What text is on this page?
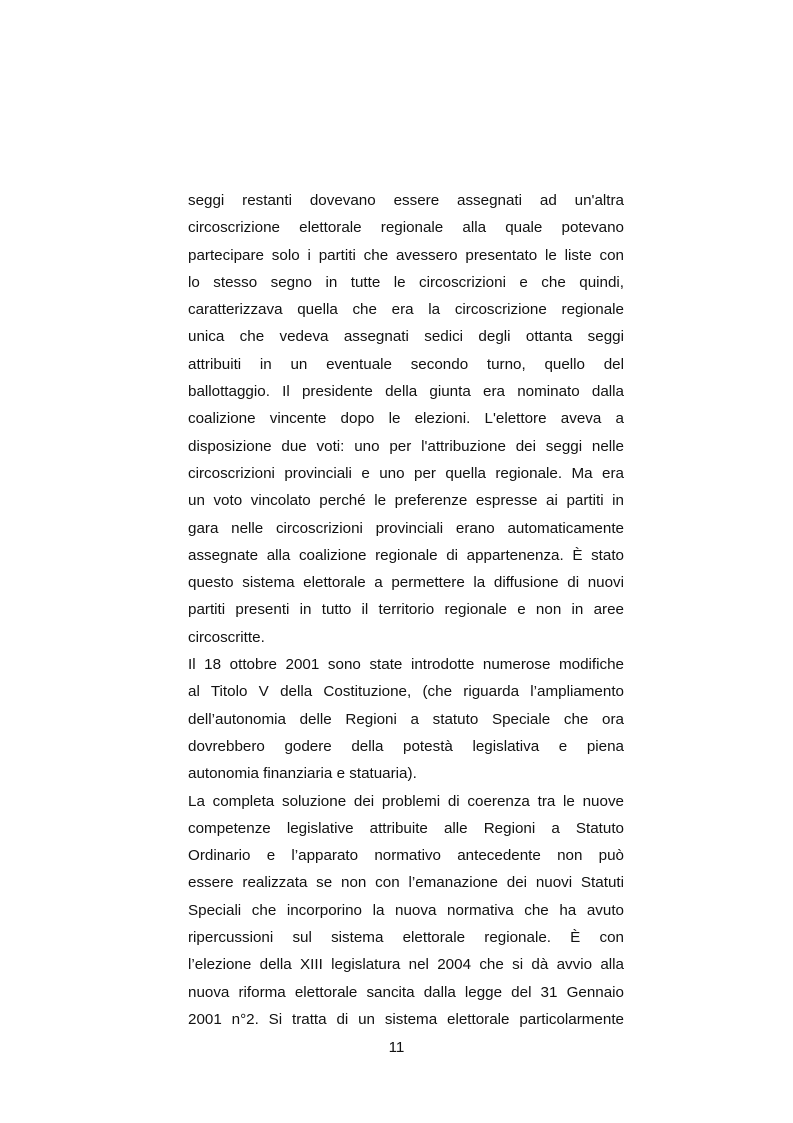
seggi restanti dovevano essere assegnati ad un'altra
circoscrizione elettorale regionale alla quale potevano
partecipare solo i partiti che avessero presentato le liste con
lo stesso segno in tutte le circoscrizioni e che quindi,
caratterizzava quella che era la circoscrizione regionale
unica che vedeva assegnati sedici degli ottanta seggi
attribuiti in un eventuale secondo turno, quello del
ballottaggio. Il presidente della giunta era nominato dalla
coalizione vincente dopo le elezioni. L'elettore aveva a
disposizione due voti: uno per l'attribuzione dei seggi nelle
circoscrizioni provinciali e uno per quella regionale. Ma era
un voto vincolato perché le preferenze espresse ai partiti in
gara nelle circoscrizioni provinciali erano automaticamente
assegnate alla coalizione regionale di appartenenza. È stato
questo sistema elettorale a permettere la diffusione di nuovi
partiti presenti in tutto il territorio regionale e non in aree
circoscritte.
Il 18 ottobre 2001 sono state introdotte numerose modifiche
al Titolo V della Costituzione, (che riguarda l’ampliamento
dell’autonomia delle Regioni a statuto Speciale che ora
dovrebbero godere della potestà legislativa e piena
autonomia finanziaria e statuaria).
La completa soluzione dei problemi di coerenza tra le nuove
competenze legislative attribuite alle Regioni a Statuto
Ordinario e l’apparato normativo antecedente non può
essere realizzata se non con l’emanazione dei nuovi Statuti
Speciali che incorporino la nuova normativa che ha avuto
ripercussioni sul sistema elettorale regionale. È con
l’elezione della XIII legislatura nel 2004 che si dà avvio alla
nuova riforma elettorale sancita dalla legge del 31 Gennaio
2001 n°2. Si tratta di un sistema elettorale particolarmente
11
